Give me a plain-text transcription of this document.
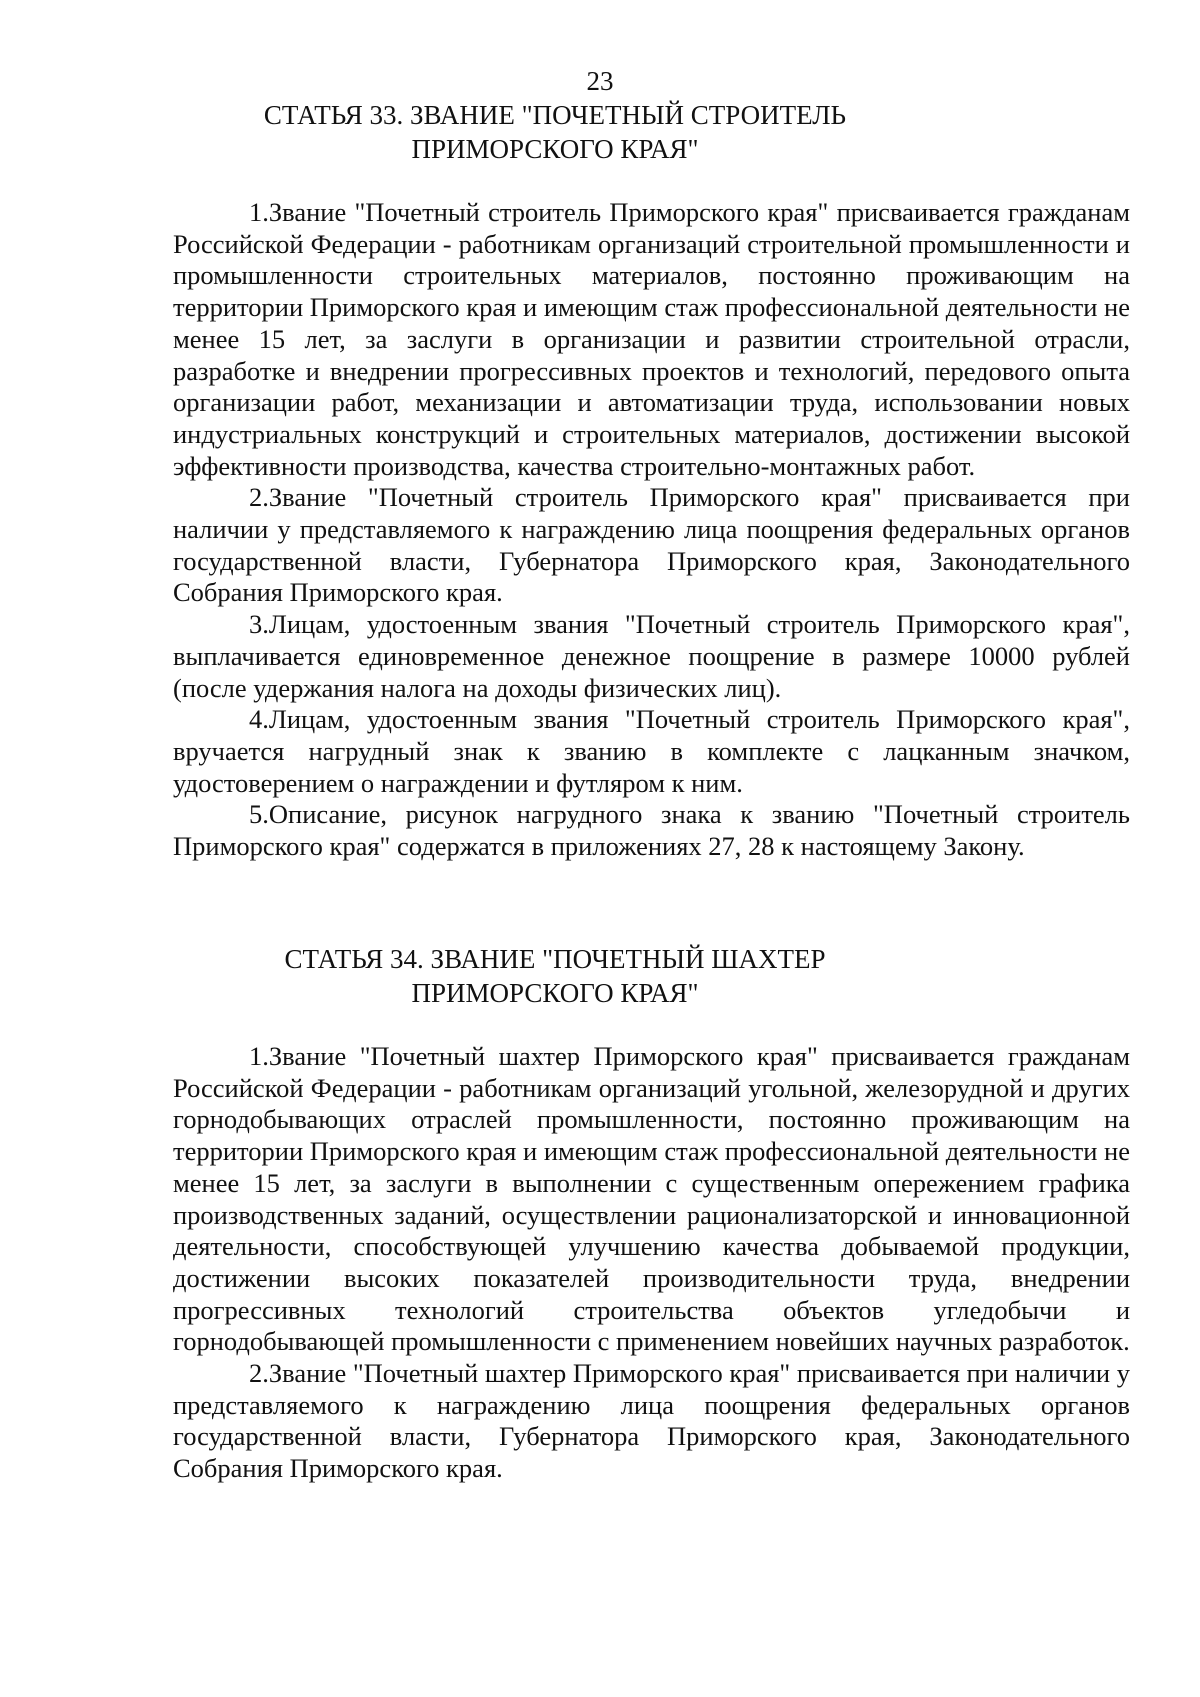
23
СТАТЬЯ 33. ЗВАНИЕ "ПОЧЕТНЫЙ СТРОИТЕЛЬ
ПРИМОРСКОГО КРАЯ"

1.Звание "Почетный строитель Приморского края" присваивается гражданам Российской Федерации - работникам организаций строительной промышленности и промышленности строительных материалов, постоянно проживающим на территории Приморского края и имеющим стаж профессиональной деятельности не менее 15 лет, за заслуги в организации и развитии строительной отрасли, разработке и внедрении прогрессивных проектов и технологий, передового опыта организации работ, механизации и автоматизации труда, использовании новых индустриальных конструкций и строительных материалов, достижении высокой эффективности производства, качества строительно-монтажных работ.

2.Звание "Почетный строитель Приморского края" присваивается при наличии у представляемого к награждению лица поощрения федеральных органов государственной власти, Губернатора Приморского края, Законодательного Собрания Приморского края.

3.Лицам, удостоенным звания "Почетный строитель Приморского края", выплачивается единовременное денежное поощрение в размере 10000 рублей (после удержания налога на доходы физических лиц).

4.Лицам, удостоенным звания "Почетный строитель Приморского края", вручается нагрудный знак к званию в комплекте с лацканным значком, удостоверением о награждении и футляром к ним.

5.Описание, рисунок нагрудного знака к званию "Почетный строитель Приморского края" содержатся в приложениях 27, 28 к настоящему Закону.

СТАТЬЯ 34. ЗВАНИЕ "ПОЧЕТНЫЙ ШАХТЕР
ПРИМОРСКОГО КРАЯ"

1.Звание "Почетный шахтер Приморского края" присваивается гражданам Российской Федерации - работникам организаций угольной, железорудной и других горнодобывающих отраслей промышленности, постоянно проживающим на территории Приморского края и имеющим стаж профессиональной деятельности не менее 15 лет, за заслуги в выполнении с существенным опережением графика производственных заданий, осуществлении рационализаторской и инновационной деятельности, способствующей улучшению качества добываемой продукции, достижении высоких показателей производительности труда, внедрении прогрессивных технологий строительства объектов угледобычи и горнодобывающей промышленности с применением новейших научных разработок.

2.Звание "Почетный шахтер Приморского края" присваивается при наличии у представляемого к награждению лица поощрения федеральных органов государственной власти, Губернатора Приморского края, Законодательного Собрания Приморского края.
